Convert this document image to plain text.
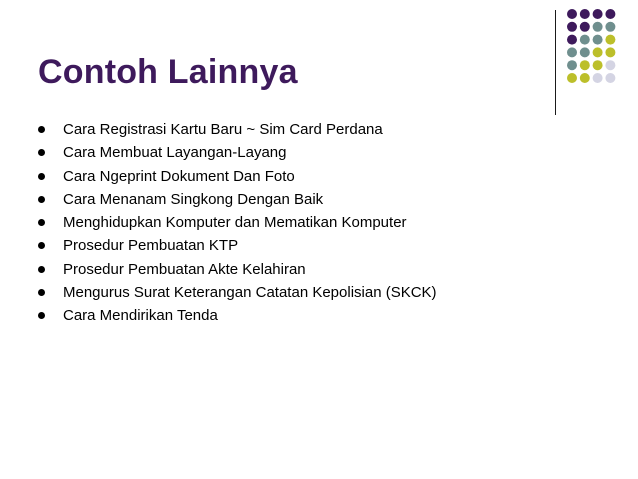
Contoh Lainnya
Cara Registrasi Kartu Baru ~ Sim Card Perdana
Cara Membuat Layangan-Layang
Cara Ngeprint Dokument Dan Foto
Cara Menanam Singkong Dengan Baik
Menghidupkan Komputer dan Mematikan Komputer
Prosedur Pembuatan KTP
Prosedur Pembuatan Akte Kelahiran
Mengurus Surat Keterangan Catatan Kepolisian (SKCK)
Cara Mendirikan Tenda
